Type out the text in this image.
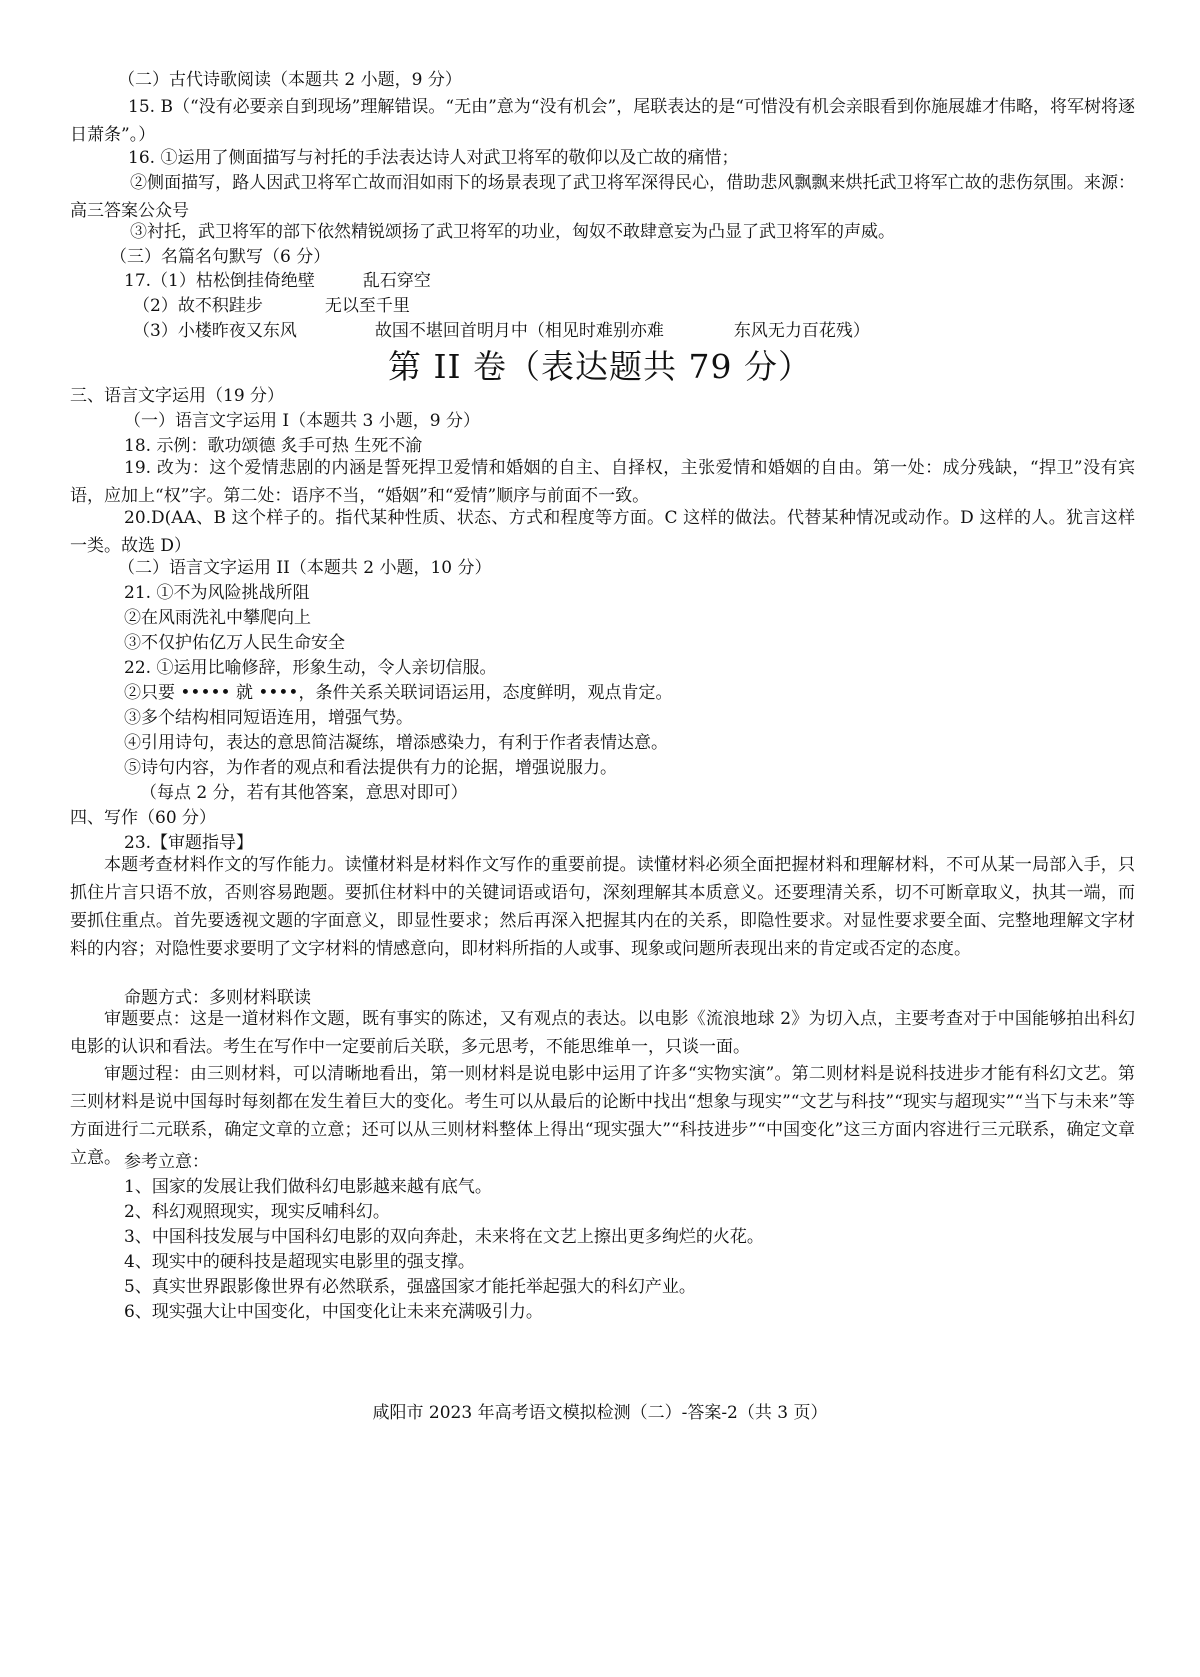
（二）古代诗歌阅读（本题共 2 小题，9 分）
15. B（“没有必要亲自到现场”理解错误。“无由”意为“没有机会”，尾联表达的是“可惜没有机会亲眼看到你施展雄才伟略，将军树将逐日萧条”。）
16. ①运用了侧面描写与衬托的手法表达诗人对武卫将军的敬仰以及亡故的痛惜；
②侧面描写，路人因武卫将军亡故而泪如雨下的场景表现了武卫将军深得民心，借助悲风飘飘来烘托武卫将军亡故的悲伤氛围。来源：高三答案公众号
③衬托，武卫将军的部下依然精锐颂扬了武卫将军的功业，匈奴不敢肆意妄为凸显了武卫将军的声威。
（三）名篇名句默写（6 分）
17.（1）枯松倒挂倚绝壁	乱石穿空
（2）故不积跬步	无以至千里
（3）小楼昨夜又东风	故国不堪回首明月中（相见时难别亦难	东风无力百花残）
第 II 卷（表达题共 79 分）
三、语言文字运用（19 分）
（一）语言文字运用 I（本题共 3 小题，9 分）
18. 示例：歌功颂德 炙手可热 生死不渝
19. 改为：这个爱情悲剧的内涵是誓死捍卫爱情和婚姻的自主、自择权，主张爱情和婚姻的自由。第一处：成分残缺，“捍卫”没有宾语，应加上“权”字。第二处：语序不当，“婚姻”和“爱情”顺序与前面不一致。
20.D(AA、B 这个样子的。指代某种性质、状态、方式和程度等方面。C 这样的做法。代替某种情况或动作。D 这样的人。犹言这样一类。故选 D）
（二）语言文字运用 II（本题共 2 小题，10 分）
21. ①不为风险挑战所阻
②在风雨洗礼中攀爬向上
③不仅护佑亿万人民生命安全
22. ①运用比喻修辞，形象生动，令人亲切信服。
②只要 ••••• 就 ••••，条件关系关联词语运用，态度鲜明，观点肯定。
③多个结构相同短语连用，增强气势。
④引用诗句，表达的意思简洁凝练，增添感染力，有利于作者表情达意。
⑤诗句内容，为作者的观点和看法提供有力的论据，增强说服力。
（每点 2 分，若有其他答案，意思对即可）
四、写作（60 分）
23.【审题指导】
本题考查材料作文的写作能力。读懂材料是材料作文写作的重要前提。读懂材料必须全面把握材料和理解材料，不可从某一局部入手，只抓住片言只语不放，否则容易跑题。要抓住材料中的关键词语或语句，深刻理解其本质意义。还要理清关系，切不可断章取义，执其一端，而要抓住重点。首先要透视文题的字面意义，即显性要求；然后再深入把握其内在的关系，即隐性要求。对显性要求要全面、完整地理解文字材料的内容；对隐性要求要明了文字材料的情感意向，即材料所指的人或事、现象或问题所表现出来的肯定或否定的态度。
命题方式：多则材料联读
审题要点：这是一道材料作文题，既有事实的陈述，又有观点的表达。以电影《流浪地球 2》为切入点，主要考查对于中国能够拍出科幻电影的认识和看法。考生在写作中一定要前后关联，多元思考，不能思维单一，只谈一面。
审题过程：由三则材料，可以清晰地看出，第一则材料是说电影中运用了许多“实物实演”。第二则材料是说科技进步才能有科幻文艺。第三则材料是说中国每时每刻都在发生着巨大的变化。考生可以从最后的论断中找出“想象与现实”“文艺与科技”“现实与超现实”“当下与未来”等方面进行二元联系，确定文章的立意；还可以从三则材料整体上得出“现实强大”“科技进步”“中国变化”这三方面内容进行三元联系，确定文章立意。 参考立意：
1、国家的发展让我们做科幻电影越来越有底气。
2、科幻观照现实，现实反哺科幻。
3、中国科技发展与中国科幻电影的双向奔赴，未来将在文艺上擦出更多绚烂的火花。
4、现实中的硬科技是超现实电影里的强支撑。
5、真实世界跟影像世界有必然联系，强盛国家才能托举起强大的科幻产业。
6、现实强大让中国变化，中国变化让未来充满吸引力。
咸阳市 2023 年高考语文模拟检测（二）-答案-2（共 3 页）
